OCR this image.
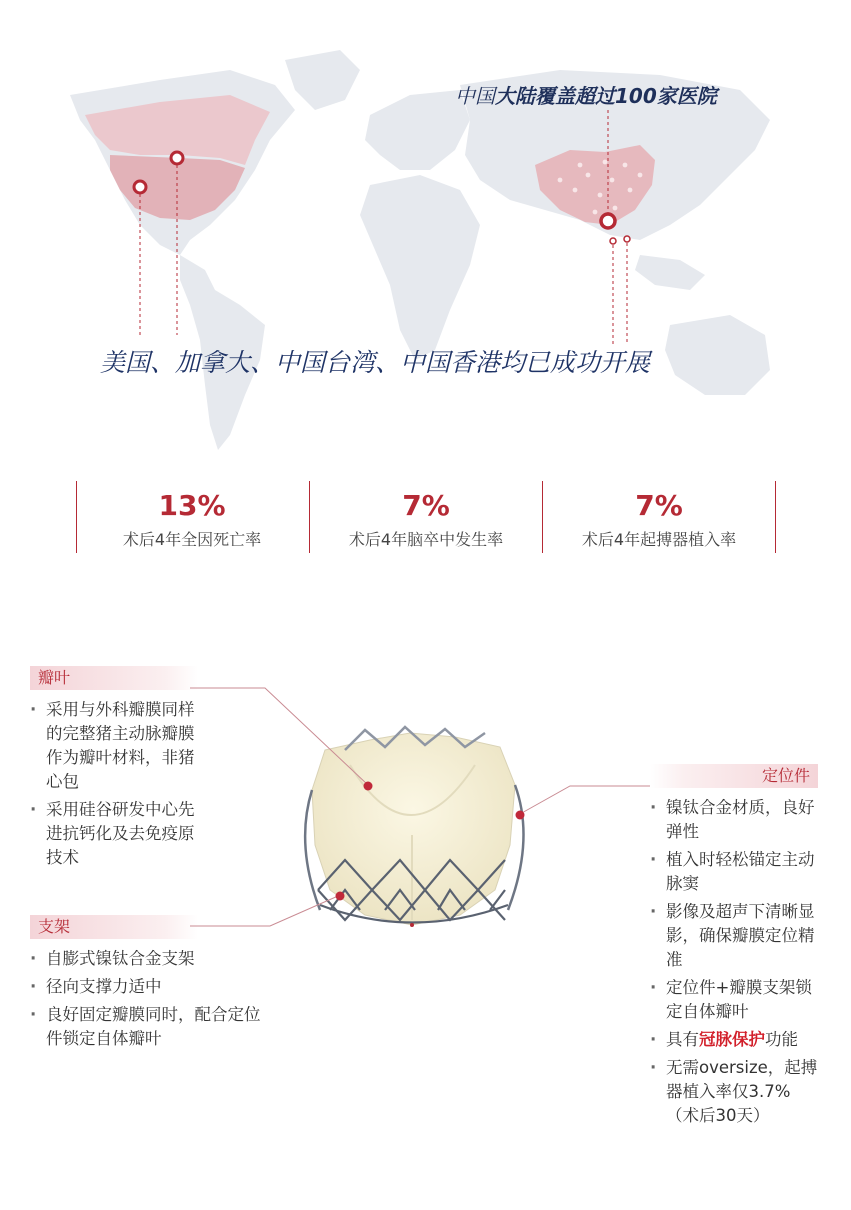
中国大陆覆盖超过100家医院
美国、加拿大、中国台湾、中国香港均已成功开展
13%
术后4年全因死亡率
7%
术后4年脑卒中发生率
7%
术后4年起搏器植入率
瓣叶
· 采用与外科瓣膜同样的完整猪主动脉瓣膜作为瓣叶材料，非猪心包
· 采用硅谷研发中心先进抗钙化及去免疫原技术
支架
· 自膨式镍钛合金支架
· 径向支撑力适中
· 良好固定瓣膜同时，配合定位件锁定自体瓣叶
定位件
· 镍钛合金材质，良好弹性
· 植入时轻松锚定主动脉窦
· 影像及超声下清晰显影，确保瓣膜定位精准
· 定位件+瓣膜支架锁定自体瓣叶
· 具有冠脉保护功能
· 无需oversize，起搏器植入率仅3.7%（术后30天）
